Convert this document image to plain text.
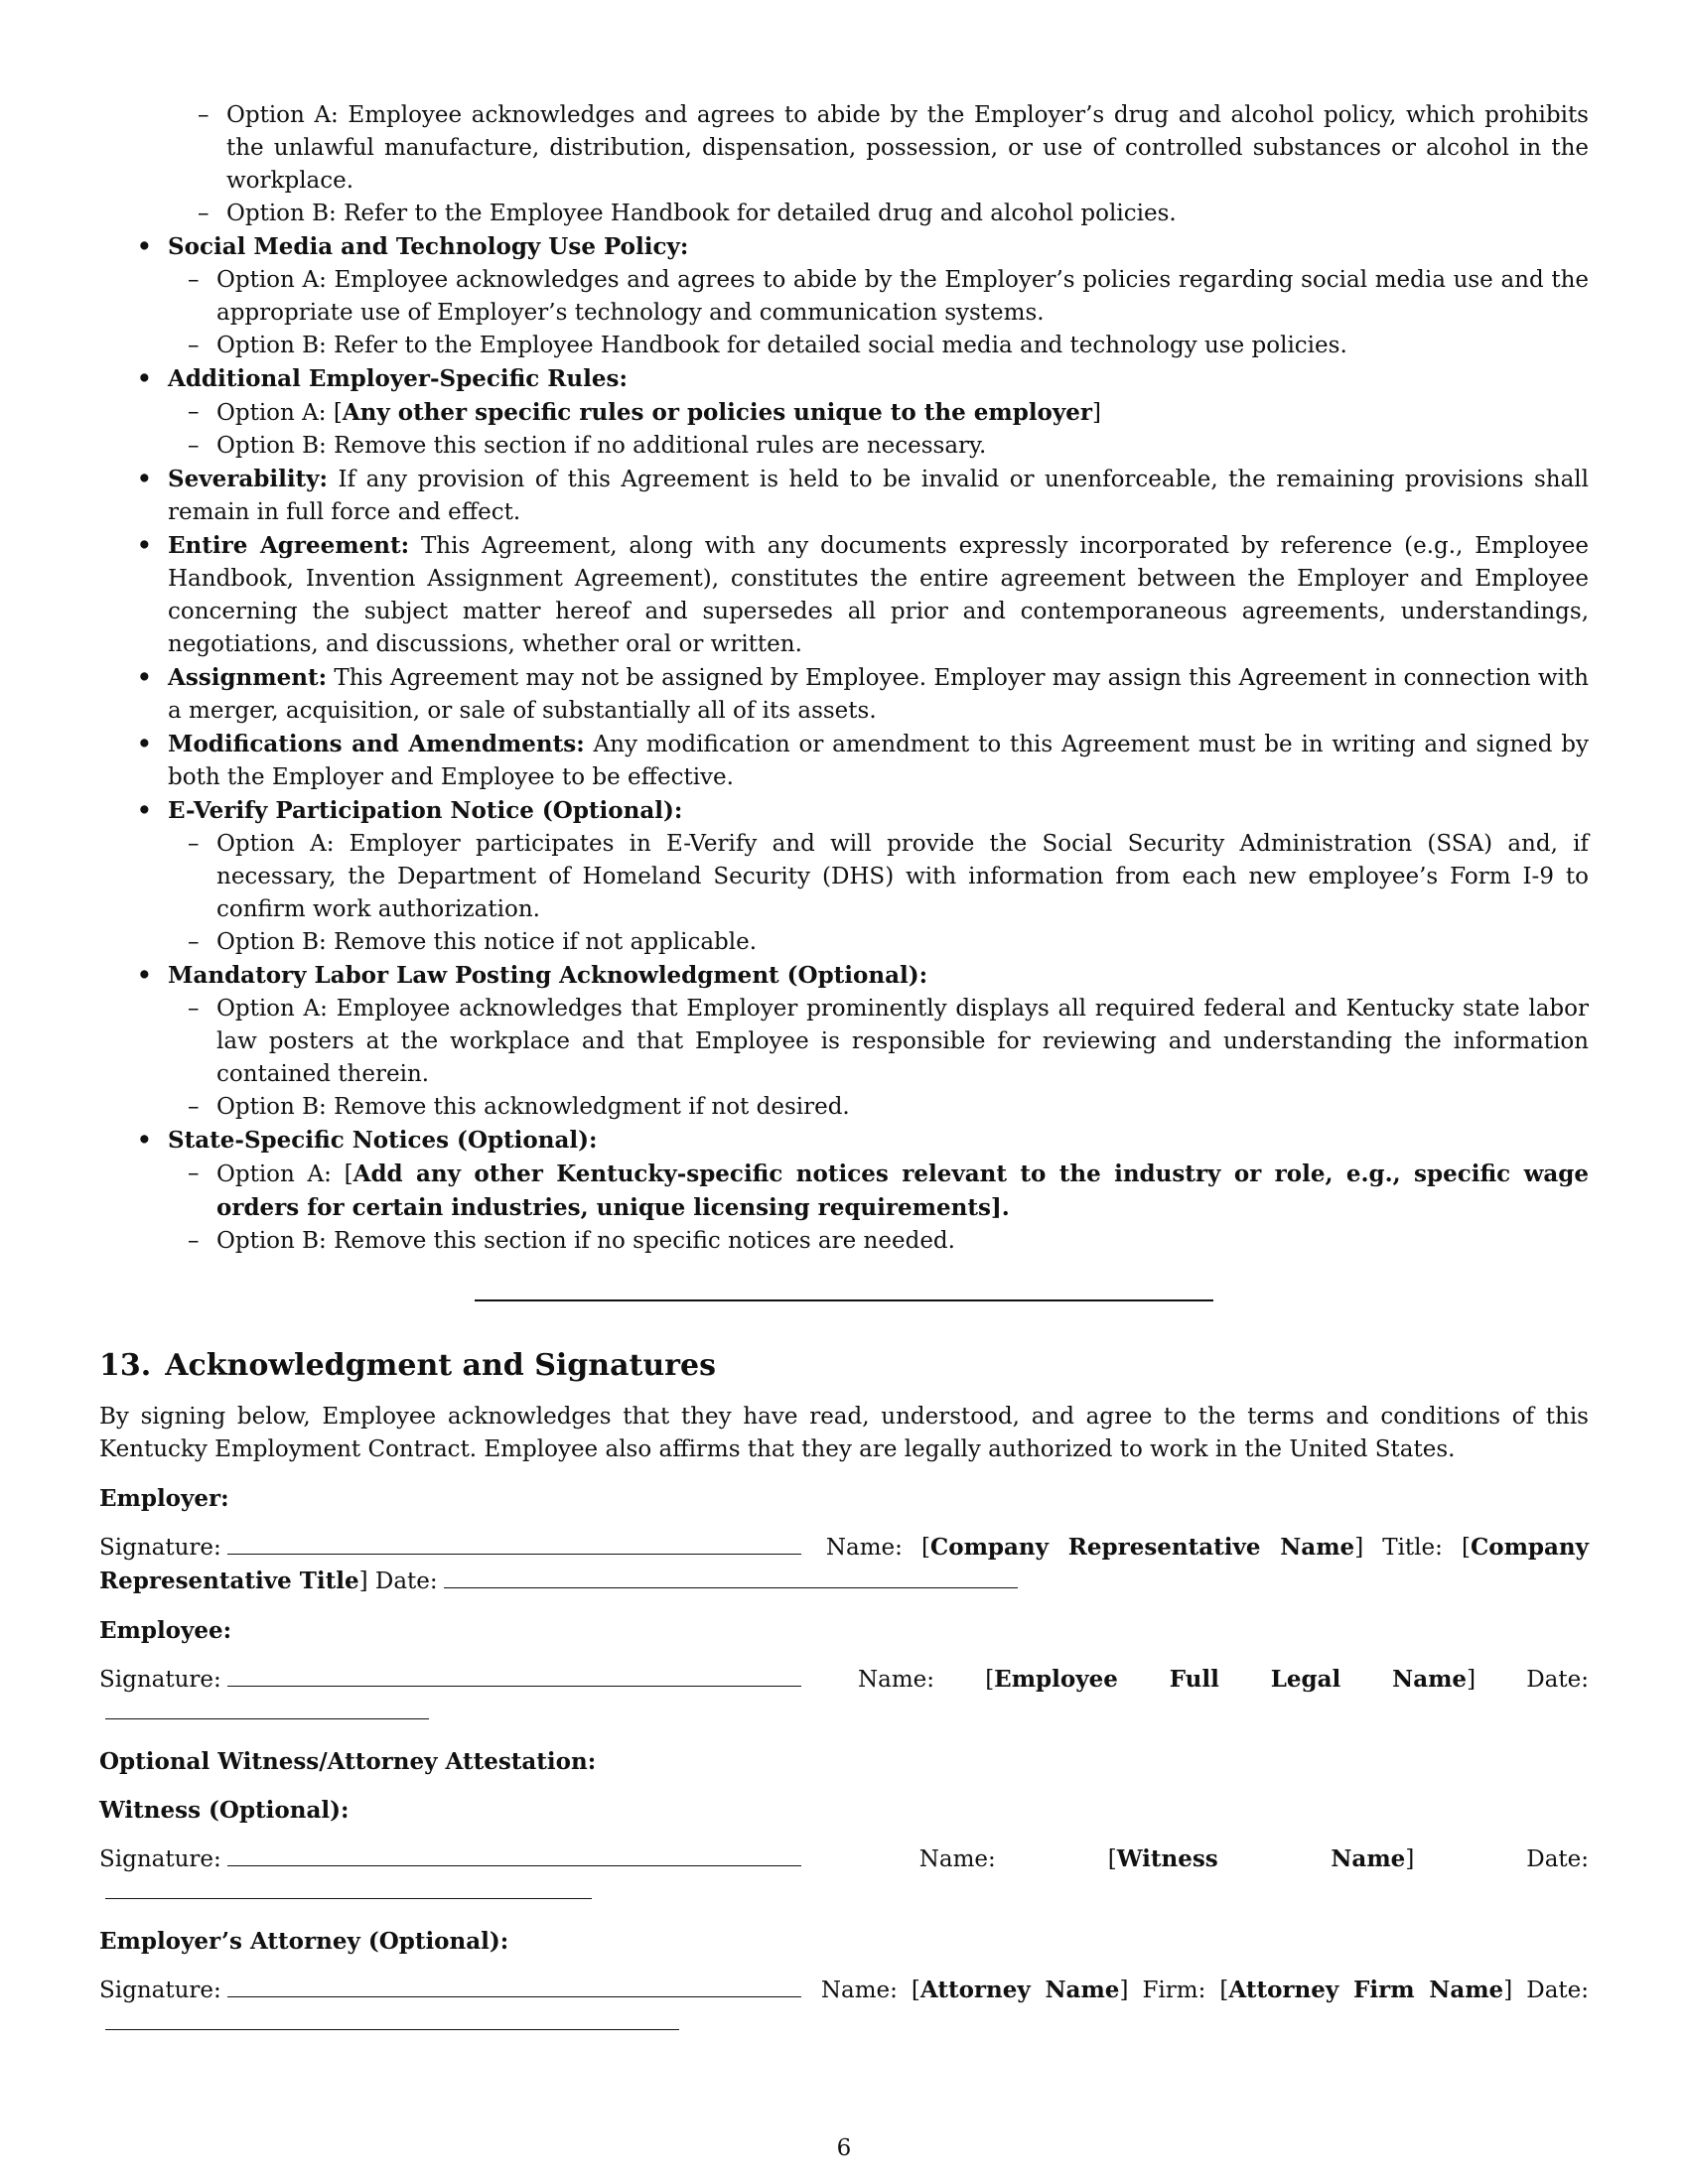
– Option A: Employee acknowledges and agrees to abide by the Employer’s drug and alcohol policy, which prohibits the unlawful manufacture, distribution, dispensation, possession, or use of controlled substances or alcohol in the workplace.
– Option B: Refer to the Employee Handbook for detailed drug and alcohol policies.
• Social Media and Technology Use Policy:
– Option A: Employee acknowledges and agrees to abide by the Employer’s policies regarding social media use and the appropriate use of Employer’s technology and communication systems.
– Option B: Refer to the Employee Handbook for detailed social media and technology use policies.
• Additional Employer-Specific Rules:
– Option A: [Any other specific rules or policies unique to the employer]
– Option B: Remove this section if no additional rules are necessary.
• Severability: If any provision of this Agreement is held to be invalid or unenforceable, the remaining provisions shall remain in full force and effect.
• Entire Agreement: This Agreement, along with any documents expressly incorporated by reference (e.g., Employee Handbook, Invention Assignment Agreement), constitutes the entire agreement between the Employer and Employee concerning the subject matter hereof and supersedes all prior and contemporaneous agreements, understandings, negotiations, and discussions, whether oral or written.
• Assignment: This Agreement may not be assigned by Employee. Employer may assign this Agreement in connection with a merger, acquisition, or sale of substantially all of its assets.
• Modifications and Amendments: Any modification or amendment to this Agreement must be in writing and signed by both the Employer and Employee to be effective.
• E-Verify Participation Notice (Optional):
– Option A: Employer participates in E-Verify and will provide the Social Security Administration (SSA) and, if necessary, the Department of Homeland Security (DHS) with information from each new employee’s Form I-9 to confirm work authorization.
– Option B: Remove this notice if not applicable.
• Mandatory Labor Law Posting Acknowledgment (Optional):
– Option A: Employee acknowledges that Employer prominently displays all required federal and Kentucky state labor law posters at the workplace and that Employee is responsible for reviewing and understanding the information contained therein.
– Option B: Remove this acknowledgment if not desired.
• State-Specific Notices (Optional):
– Option A: [Add any other Kentucky-specific notices relevant to the industry or role, e.g., specific wage orders for certain industries, unique licensing requirements].
– Option B: Remove this section if no specific notices are needed.
13. Acknowledgment and Signatures

By signing below, Employee acknowledges that they have read, understood, and agree to the terms and conditions of this Kentucky Employment Contract. Employee also affirms that they are legally authorized to work in the United States.

Employer:
Signature:	Name: [Company Representative Name] Title: [Company Representative Title] Date:
Employee:
Signature:	Name: [Employee Full Legal Name] Date:
Optional Witness/Attorney Attestation:
Witness (Optional):
Signature:	Name: [Witness Name] Date:
Employer’s Attorney (Optional):
Signature:	Name: [Attorney Name] Firm: [Attorney Firm Name] Date:
6
